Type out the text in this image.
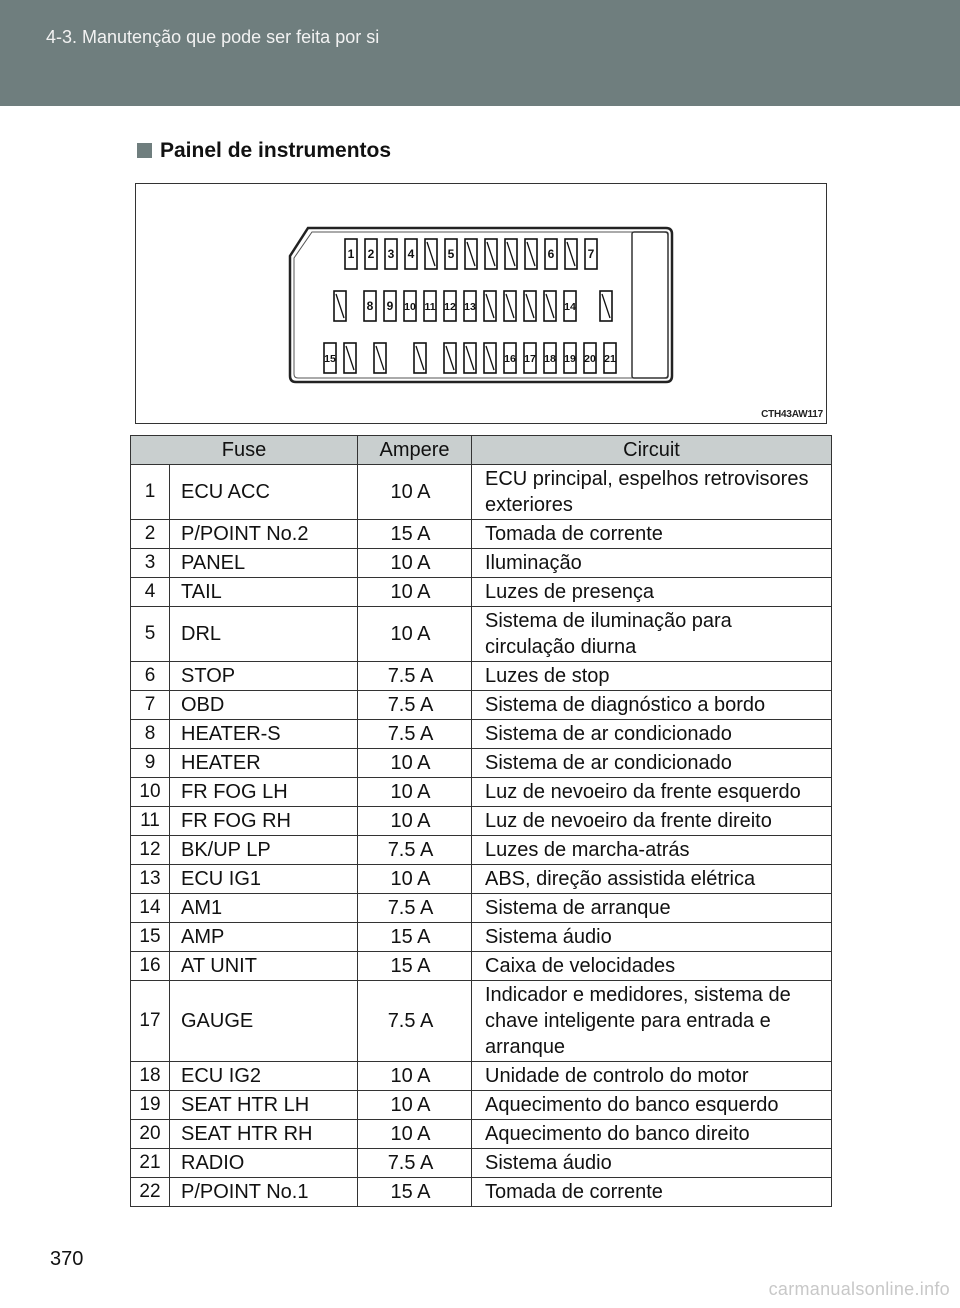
4-3. Manutenção que pode ser feita por si
Painel de instrumentos
1 2 3 4	5	6	7
8 9 10 11 12 13	14
15	16 17 18 19 20 21
CTH43AW117
Fuse		Ampere	Circuit
1	ECU ACC	10 A	ECU principal, espelhos retrovisores exteriores
2	P/POINT No.2	15 A	Tomada de corrente
3	PANEL	10 A	Iluminação
4	TAIL	10 A	Luzes de presença
5	DRL	10 A	Sistema de iluminação para circulação diurna
6	STOP	7.5 A	Luzes de stop
7	OBD	7.5 A	Sistema de diagnóstico a bordo
8	HEATER-S	7.5 A	Sistema de ar condicionado
9	HEATER	10 A	Sistema de ar condicionado
10	FR FOG LH	10 A	Luz de nevoeiro da frente esquerdo
11	FR FOG RH	10 A	Luz de nevoeiro da frente direito
12	BK/UP LP	7.5 A	Luzes de marcha-atrás
13	ECU IG1	10 A	ABS, direção assistida elétrica
14	AM1	7.5 A	Sistema de arranque
15	AMP	15 A	Sistema áudio
16	AT UNIT	15 A	Caixa de velocidades
17	GAUGE	7.5 A	Indicador e medidores, sistema de chave inteligente para entrada e arranque
18	ECU IG2	10 A	Unidade de controlo do motor
19	SEAT HTR LH	10 A	Aquecimento do banco esquerdo
20	SEAT HTR RH	10 A	Aquecimento do banco direito
21	RADIO	7.5 A	Sistema áudio
22	P/POINT No.1	15 A	Tomada de corrente
370
carmanualsonline.info
